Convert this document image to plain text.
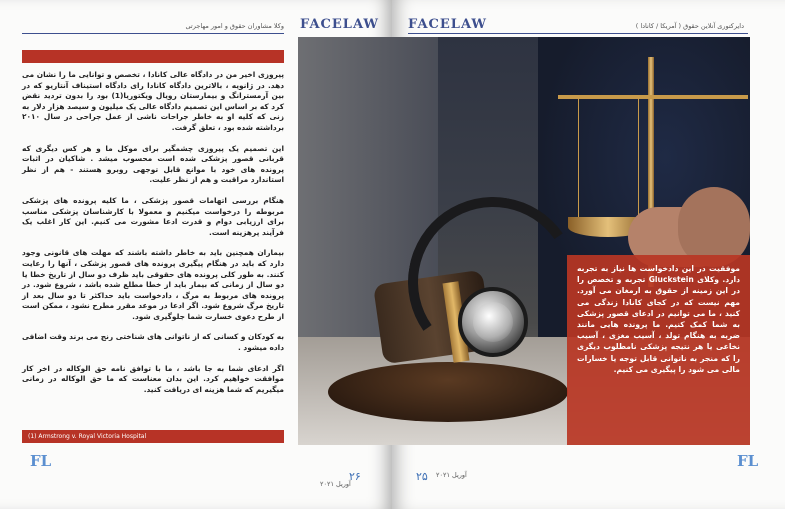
وکلا مشاوران حقوق و امور مهاجرتی FACELAW

پیروزی اخیر من در دادگاه عالی کانادا ، تخصص و توانایی ما را نشان می دهد. در ژانویه ، بالاترین دادگاه کانادا رای دادگاه استیناف آنتاریو که در بین آرمسترانگ و بیمارستان رویال ویکتوریا(1) بود را بدون تردید نقض کرد که بر اساس این تصمیم دادگاه عالی یک میلیون و سیصد هزار دلار به زنی که کلیه او به خاطر جراحات ناشی از عمل جراحی در سال ۲۰۱۰ برداشته شده بود ، تعلق گرفت.

این تصمیم یک پیروزی چشمگیر برای موکل ما و هر کس دیگری که قربانی قصور پزشکی شده است محسوب میشد . شاکیان در اثبات پرونده های خود با موانع قابل توجهی روبرو هستند - هم از نظر استاندارد مراقبت و هم از نظر علیت.

هنگام بررسی اتهامات قصور پزشکی ، ما کلیه پرونده های پزشکی مربوطه را درخواست میکنیم و معمولا با کارشناسان پزشکی مناسب برای ارزیابی دوام و قدرت ادعا مشورت می کنیم. این کار اغلب یک فرآیند پرهزینه است.

بیماران همچنین باید به خاطر داشته باشند که مهلت های قانونی وجود دارد که باید در هنگام پیگیری پرونده های قصور پزشکی ، آنها را رعایت کنند. به طور کلی پرونده های حقوقی باید ظرف دو سال از تاریخ خطا یا دو سال از زمانی که بیمار باید از خطا مطلع شده باشد ، شروع شود. در پرونده های مربوط به مرگ ، دادخواست باید حداکثر تا دو سال بعد از تاریخ مرگ شروع شود. اگر ادعا در موعد مقرر مطرح نشود ، ممکن است از طرح دعوی خسارت شما جلوگیری شود.

به کودکان و کسانی که از ناتوانی های شناختی رنج می برند وقت اضافی داده میشود .

اگر ادعای شما به جا باشد ، ما با توافق نامه حق الوکاله در اخر کار موافقت خواهیم کرد. این بدان معناست که ما حق الوکاله در زمانی میگیریم که شما هزینه ای دریافت کنید.

(1) Armstrong v. Royal Victoria Hospital
FL
۲۶
آوریل ۲۰۲۱
FACELAW	دایرکتوری آنلاین حقوق ( آمریکا / کانادا )
FL
۲۵ آوریل ۲۰۲۱
موفقیت در این دادخواست ها نیاز به تجربه دارد. وکلای Gluckstein تجربه و تخصص را در این زمینه از حقوق به ارمغان می آورد. مهم نیست که در کجای کانادا زندگی می کنید ، ما می توانیم در ادعای قصور پزشکی به شما کمک کنیم. ما پرونده هایی مانند ضربه به هنگام تولد ، آسیب مغزی ، آسیب نخاعی یا هر نتیجه پزشکی نامطلوب دیگری را که منجر به ناتوانی قابل توجه یا خسارات مالی می شود را پیگیری می کنیم.
